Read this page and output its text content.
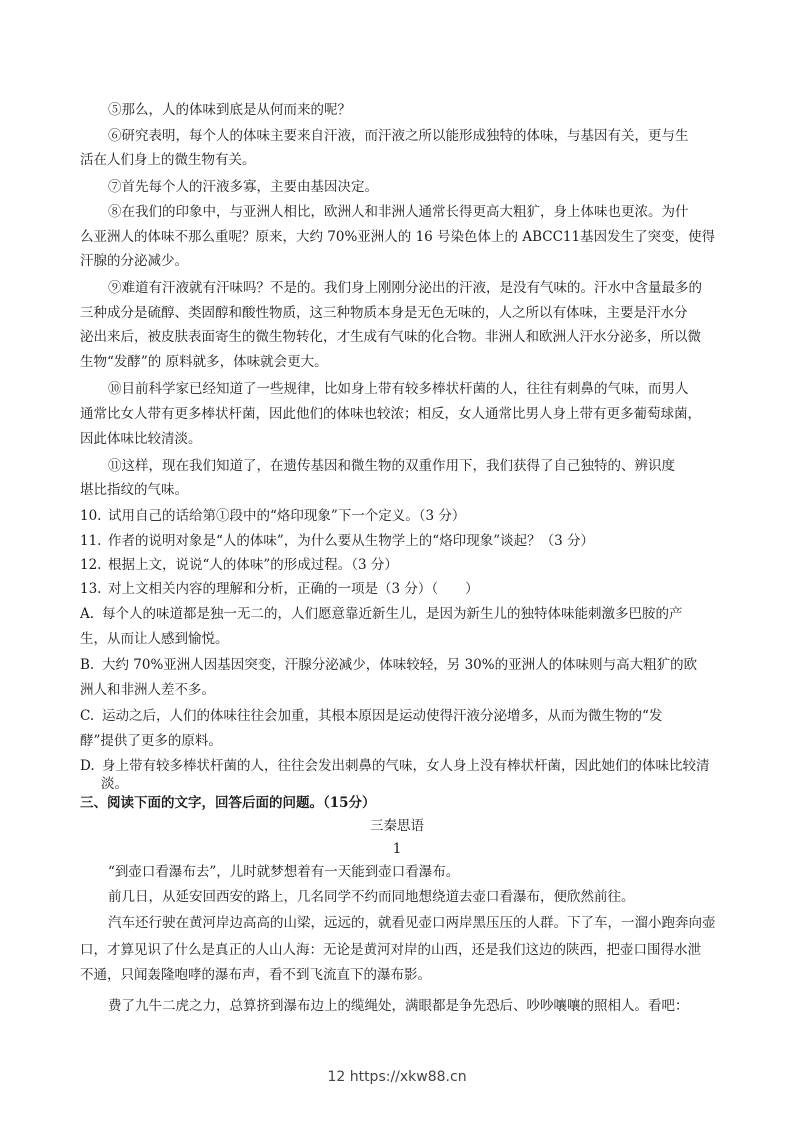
⑤那么，人的体味到底是从何而来的呢？
⑥研究表明，每个人的体味主要来自汗液，而汗液之所以能形成独特的体味，与基因有关，更与生
活在人们身上的微生物有关。
⑦首先每个人的汗液多寡，主要由基因决定。
⑧在我们的印象中，与亚洲人相比，欧洲人和非洲人通常长得更高大粗犷，身上体味也更浓。为什
么亚洲人的体味不那么重呢？原来，大约 70%亚洲人的 16 号染色体上的 ABCC11基因发生了突变，使得
汗腺的分泌减少。
⑨难道有汗液就有汗味吗？不是的。我们身上刚刚分泌出的汗液，是没有气味的。汗水中含量最多的
三种成分是硫醇、类固醇和酸性物质，这三种物质本身是无色无味的，人之所以有体味，主要是汗水分
泌出来后，被皮肤表面寄生的微生物转化，才生成有气味的化合物。非洲人和欧洲人汗水分泌多，所以微
生物“发酵”的 原料就多，体味就会更大。
⑩目前科学家已经知道了一些规律，比如身上带有较多棒状杆菌的人，往往有刺鼻的气味，而男人
通常比女人带有更多棒状杆菌，因此他们的体味也较浓；相反，女人通常比男人身上带有更多葡萄球菌，
因此体味比较清淡。
⑪这样，现在我们知道了，在遗传基因和微生物的双重作用下，我们获得了自己独特的、辨识度
堪比指纹的气味。
10. 试用自己的话给第①段中的“烙印现象”下一个定义。（3 分）
11. 作者的说明对象是“人的体味”，为什么要从生物学上的“烙印现象”谈起？（3 分）
12. 根据上文，说说“人的体味”的形成过程。（3 分）
13. 对上文相关内容的理解和分析，正确的一项是（3 分）（　　）
A. 每个人的味道都是独一无二的，人们愿意靠近新生儿，是因为新生儿的独特体味能刺激多巴胺的产
生，从而让人感到愉悦。
B. 大约 70%亚洲人因基因突变，汗腺分泌减少，体味较轻，另 30%的亚洲人的体味则与高大粗犷的欧
洲人和非洲人差不多。
C. 运动之后，人们的体味往往会加重，其根本原因是运动使得汗液分泌增多，从而为微生物的“发
酵”提供了更多的原料。
D. 身上带有较多棒状杆菌的人，往往会发出刺鼻的气味，女人身上没有棒状杆菌，因此她们的体味比较清
淡。
三、阅读下面的文字，回答后面的问题。（15分）
三秦思语
1
“到壶口看瀑布去”，儿时就梦想着有一天能到壶口看瀑布。
前几日，从延安回西安的路上，几名同学不约而同地想绕道去壶口看瀑布，便欣然前往。
汽车还行驶在黄河岸边高高的山梁，远远的，就看见壶口两岸黑压压的人群。下了车，一溜小跑奔向壶
口，才算见识了什么是真正的人山人海：无论是黄河对岸的山西，还是我们这边的陕西，把壶口围得水泄
不通，只闻轰隆咆哮的瀑布声，看不到飞流直下的瀑布影。
费了九牛二虎之力，总算挤到瀑布边上的缆绳处，满眼都是争先恐后、吵吵嚷嚷的照相人。看吧：
12 https://xkw88.cn
